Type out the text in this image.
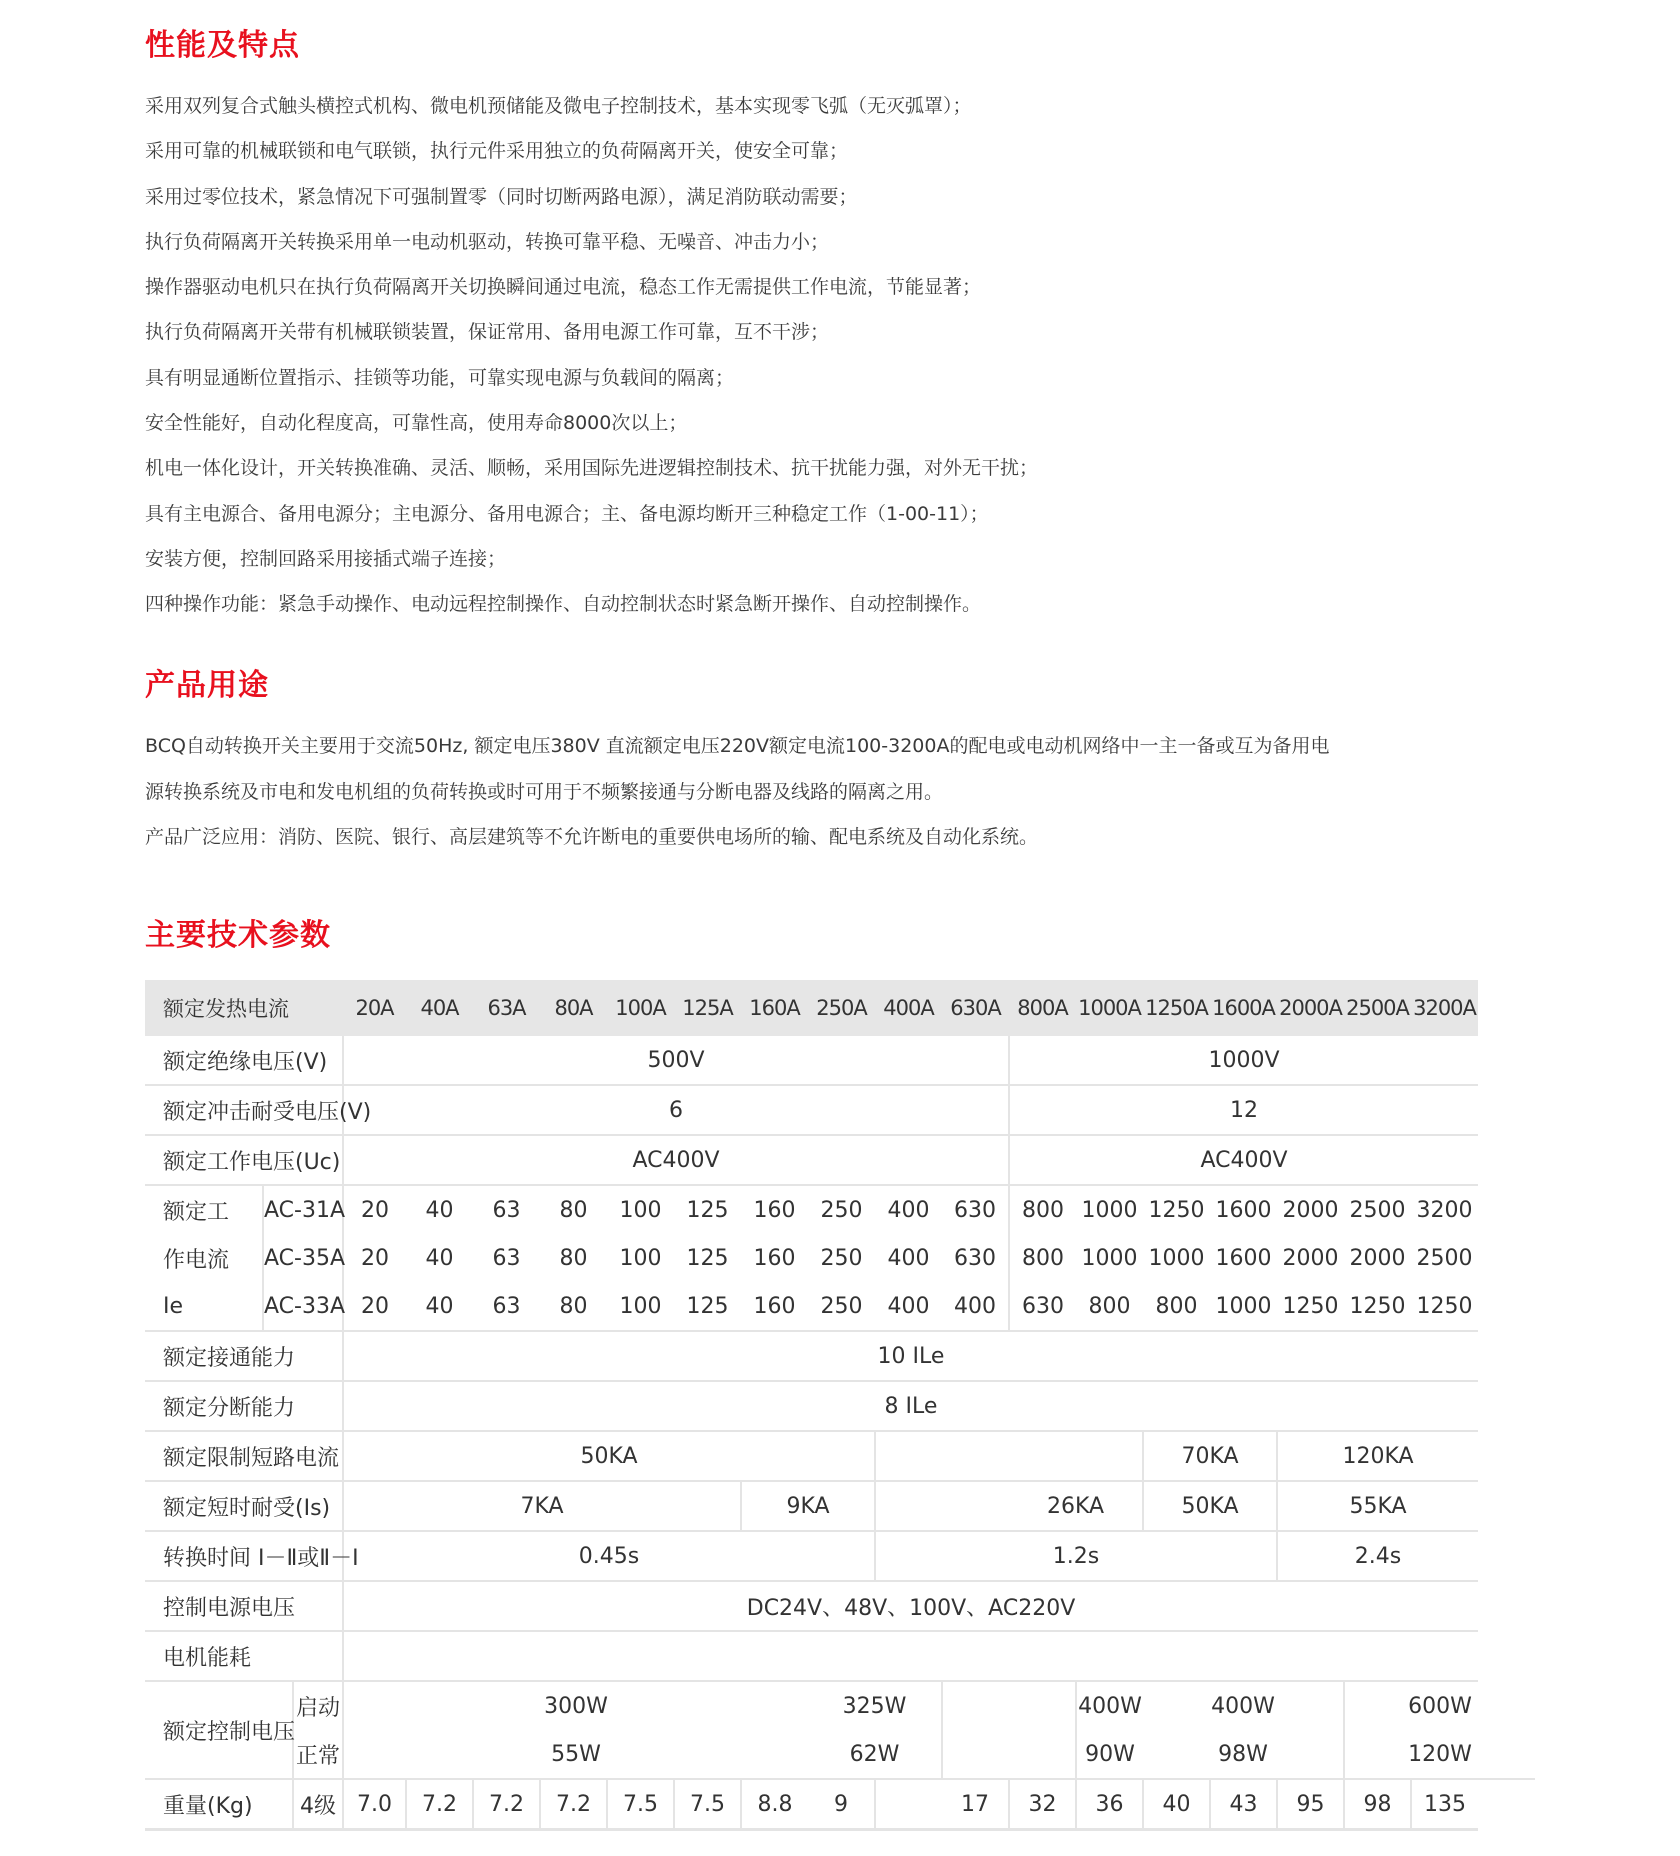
性能及特点
采用双列复合式触头横控式机构、微电机预储能及微电子控制技术，基本实现零飞弧（无灭弧罩）；
采用可靠的机械联锁和电气联锁，执行元件采用独立的负荷隔离开关，使安全可靠；
采用过零位技术，紧急情况下可强制置零（同时切断两路电源），满足消防联动需要；
执行负荷隔离开关转换采用单一电动机驱动，转换可靠平稳、无噪音、冲击力小；
操作器驱动电机只在执行负荷隔离开关切换瞬间通过电流，稳态工作无需提供工作电流，节能显著；
执行负荷隔离开关带有机械联锁装置，保证常用、备用电源工作可靠，互不干涉；
具有明显通断位置指示、挂锁等功能，可靠实现电源与负载间的隔离；
安全性能好，自动化程度高，可靠性高，使用寿命8000次以上；
机电一体化设计，开关转换准确、灵活、顺畅，采用国际先进逻辑控制技术、抗干扰能力强，对外无干扰；
具有主电源合、备用电源分；主电源分、备用电源合；主、备电源均断开三种稳定工作（1-00-11）；
安装方便，控制回路采用接插式端子连接；
四种操作功能：紧急手动操作、电动远程控制操作、自动控制状态时紧急断开操作、自动控制操作。
产品用途

BCQ自动转换开关主要用于交流50Hz, 额定电压380V 直流额定电压220V额定电流100-3200A的配电或电动机网络中一主一备或互为备用电

源转换系统及市电和发电机组的负荷转换或时可用于不频繁接通与分断电器及线路的隔离之用。

产品广泛应用：消防、医院、银行、高层建筑等不允许断电的重要供电场所的输、配电系统及自动化系统。

主要技术参数
额定发热电流			20A	40A	63A	80A	100A	125A	160A	250A	400A	630A	800A	1000A	1250A	1600A	2000A	2500A	3200A
额定绝缘电压(V)			500V										1000V						
额定冲击耐受电压(V)			6										12						
额定工作电压(Uc)			AC400V										AC400V						
额定工	AC-31A		20	40	63	80	100	125	160	250	400	630	800	1000	1250	1600	2000	2500	3200
作电流	AC-35A		20	40	63	80	100	125	160	250	400	630	800	1000	1000	1600	2000	2000	2500
Ie	AC-33A		20	40	63	80	100	125	160	250	400	400	630	800	800	1000	1250	1250	1250
额定接通能力			10 ILe																
额定分断能力			8 ILe																
额定限制短路电流			50KA												70KA		120KA		
额定短时耐受(Is)			7KA						9KA				26KA		50KA		55KA		
转换时间 I－Ⅱ或Ⅱ－I			0.45s								1.2s						2.4s		
控制电源电压			DC24V、48V、100V、AC220V																
电机能耗																			
额定控制电压		启动	300W							325W				400W	400W			600W	
		正常	55W							62W				90W	98W			120W	
重量(Kg)		4级	7.0	7.2	7.2	7.2	7.5	7.5	8.8	9		17	32	36	40	43	95	98	135
